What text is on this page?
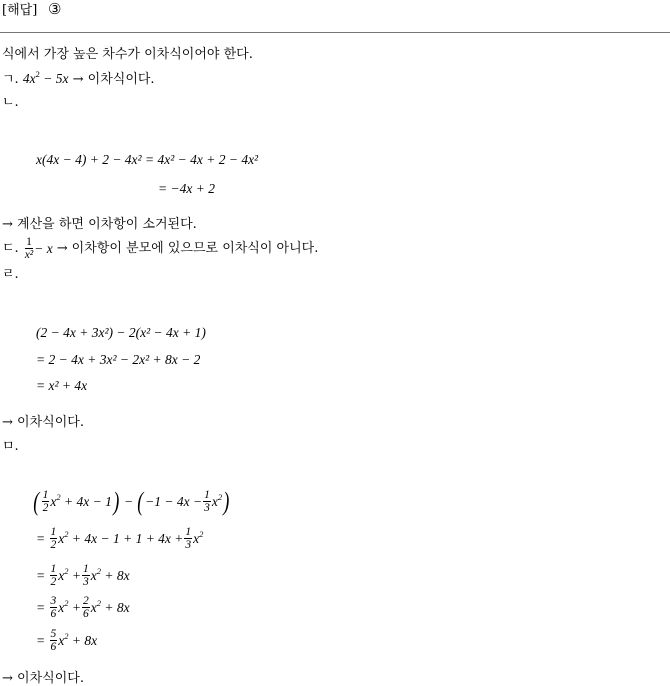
[해답] ③
식에서 가장 높은 차수가 이차식이어야 한다.
ㄱ. $4x^2 - 5x$ → 이차식이다.
ㄴ.
x(4x − 4) + 2 − 4x² = 4x² − 4x + 2 − 4x²
= −4x + 2
→ 계산을 하면 이차항이 소거된다.
ㄷ. $\frac{1}{\text{x²}} - x$ → 이차항이 분모에 있으므로 이차식이 아니다.
ㄹ.
(2 − 4x + 3x²) − 2(x² − 4x + 1)
= 2 − 4x + 3x² − 2x² + 8x − 2
= x² + 4x
→ 이차식이다.
ㅁ.
( $\frac{1}{2} x^2 + 4x - 1$ ) − ( $-1 - 4x - \frac{1}{3} x^2$ )
= $\frac{1}{2} x^2 + 4x - 1 + 1 + 4x + \frac{1}{3} x^2$
= $\frac{1}{2} x^2 + \frac{1}{3} x^2 + 8x$
= $\frac{3}{6} x^2 + \frac{2}{6} x^2 + 8x$
= $\frac{5}{6} x^2 + 8x$
→ 이차식이다.
